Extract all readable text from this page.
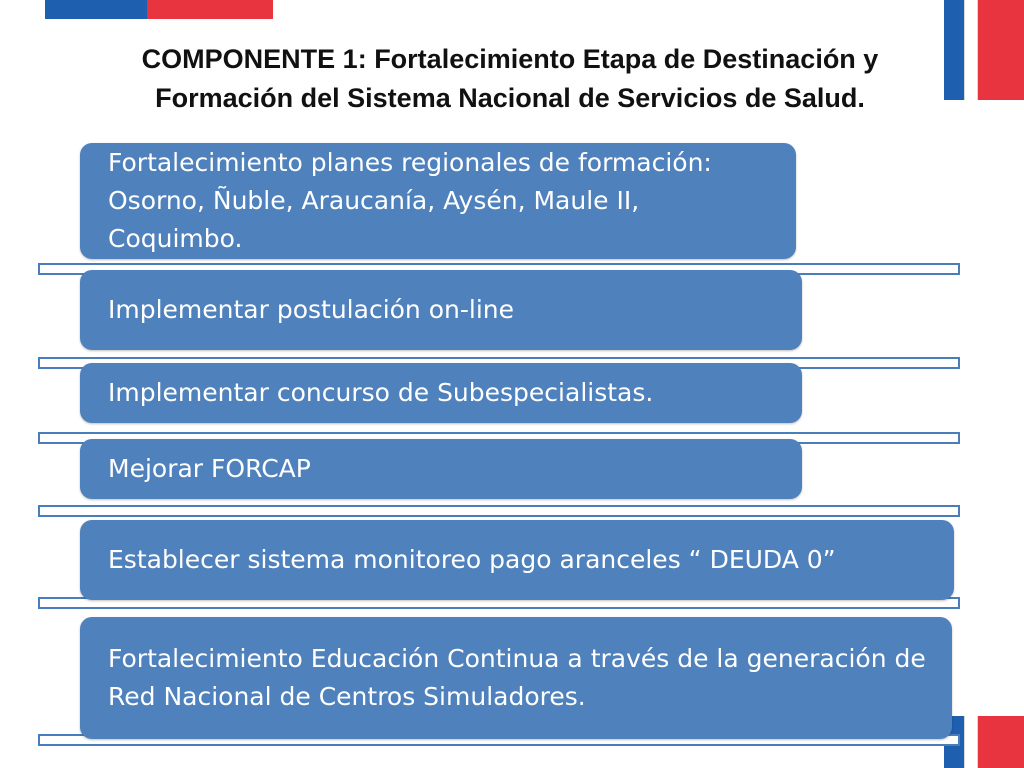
COMPONENTE 1: Fortalecimiento Etapa de Destinación y
Formación del Sistema Nacional de Servicios de Salud.
Fortalecimiento planes regionales de formación: Osorno, Ñuble, Araucanía, Aysén, Maule II, Coquimbo.
Implementar postulación on-line
Implementar concurso de Subespecialistas.
Mejorar FORCAP
Establecer sistema monitoreo pago aranceles “ DEUDA 0”
Fortalecimiento Educación Continua a través de la generación de Red Nacional de Centros Simuladores.
